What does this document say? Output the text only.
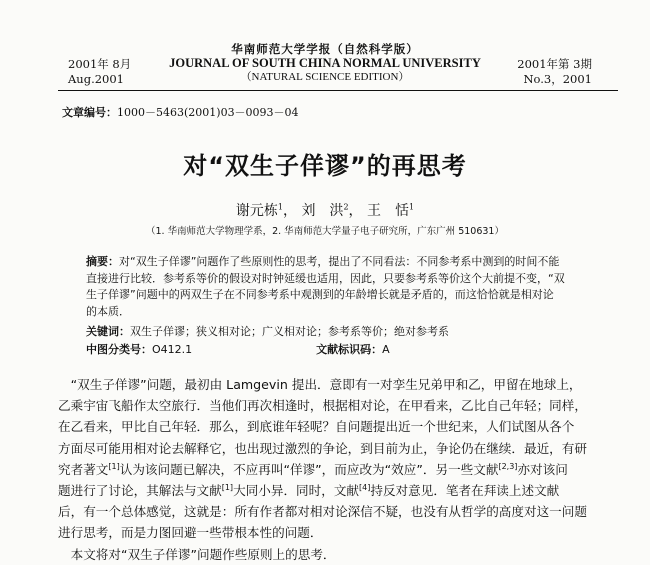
2001年 8月
Aug.2001
华南师范大学学报（自然科学版）
JOURNAL OF SOUTH CHINA NORMAL UNIVERSITY
（NATURAL SCIENCE EDITION）
2001年第 3期
No.3，2001
文章编号：1000－5463(2001)03－0093－04
对“双生子佯谬”的再思考
谢元栋$^1$， 刘　洪$^2$， 王　恬$^1$
（1. 华南师范大学物理学系，2. 华南师范大学量子电子研究所，广东广州 510631）
摘要：对“双生子佯谬”问题作了些原则性的思考，提出了不同看法：不同参考系中测到的时间不能
直接进行比较．参考系等价的假设对时钟延缓也适用，因此，只要参考系等价这个大前提不变，“双
生子佯谬”问题中的两双生子在不同参考系中观测到的年龄增长就是矛盾的，而这恰恰就是相对论
的本质．
关键词：双生子佯谬；狭义相对论；广义相对论；参考系等价；绝对参考系
中图分类号：O412.1	文献标识码：A
　“双生子佯谬”问题，最初由 Lamgevin 提出．意即有一对孪生兄弟甲和乙，甲留在地球上，
乙乘宇宙飞船作太空旅行．当他们再次相逢时，根据相对论，在甲看来，乙比自己年轻；同样，
在乙看来，甲比自己年轻．那么，到底谁年轻呢？自问题提出近一个世纪来，人们试图从各个
方面尽可能用相对论去解释它，也出现过激烈的争论，到目前为止，争论仍在继续．最近，有研
究者著文[1]认为该问题已解决，不应再叫“佯谬”，而应改为“效应”．另一些文献[2,3]亦对该问
题进行了讨论，其解法与文献[1]大同小异．同时，文献[4]持反对意见．笔者在拜读上述文献
后，有一个总体感觉，这就是：所有作者都对相对论深信不疑，也没有从哲学的高度对这一问题
进行思考，而是力图回避一些带根本性的问题．
　本文将对“双生子佯谬”问题作些原则上的思考．
